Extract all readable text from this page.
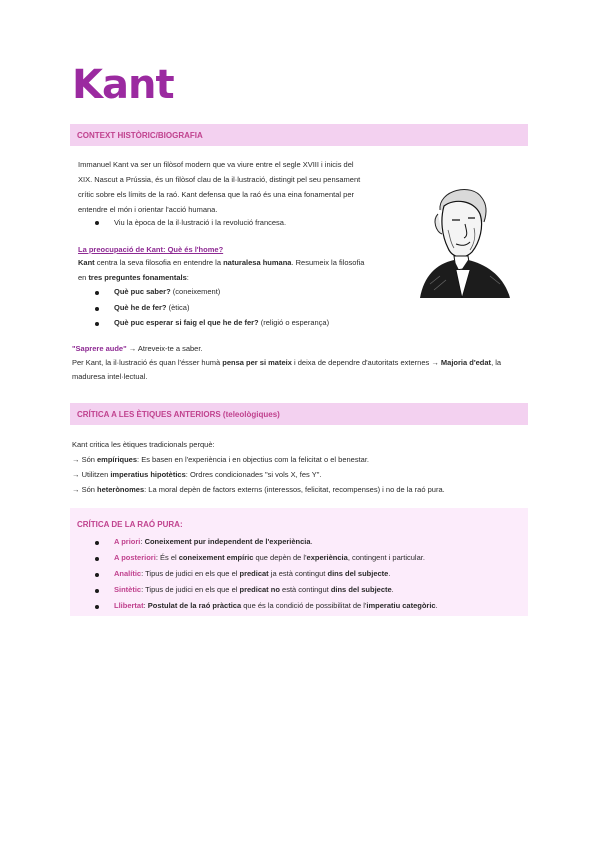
Kant
CONTEXT HISTÒRIC/BIOGRAFIA
Immanuel Kant va ser un filòsof modern que va viure entre el segle XVIII i inicis del
XIX. Nascut a Prússia, és un filòsof clau de la il·lustració, distingit pel seu pensament
crític sobre els límits de la raó. Kant defensa que la raó és una eina fonamental per
entendre el món i orientar l'acció humana.
Viu la època de la il·lustració i la revolució francesa.
La preocupació de Kant: Què és l'home?
Kant centra la seva filosofia en entendre la naturalesa humana. Resumeix la filosofia
en tres preguntes fonamentals:
Què puc saber? (coneixement)
Què he de fer? (ètica)
Què puc esperar si faig el que he de fer? (religió o esperança)
"Saprere aude" → Atreveix-te a saber.
Per Kant, la il·lustració és quan l'ésser humà pensa per si mateix i deixa de dependre d'autoritats externes → Majoria d'edat, la
maduresa intel·lectual.
CRÍTICA A LES ÈTIQUES ANTERIORS (teleològiques)
Kant critica les ètiques tradicionals perquè:
→ Són empíriques: Es basen en l'experiència i en objectius com la felicitat o el benestar.
→ Utilitzen imperatius hipotètics: Ordres condicionades "si vols X, fes Y".
→ Són heterònomes: La moral depèn de factors externs (interessos, felicitat, recompenses) i no de la raó pura.
CRÍTICA DE LA RAÓ PURA:
A priori: Coneixement pur independent de l'experiència.
A posteriori: És el coneixement empíric que depèn de l'experiència, contingent i particular.
Analític: Tipus de judici en els que el predicat ja està contingut dins del subjecte.
Sintètic: Tipus de judici en els que el predicat no està contingut dins del subjecte.
Llibertat: Postulat de la raó pràctica que és la condició de possibilitat de l'imperatiu categòric.
